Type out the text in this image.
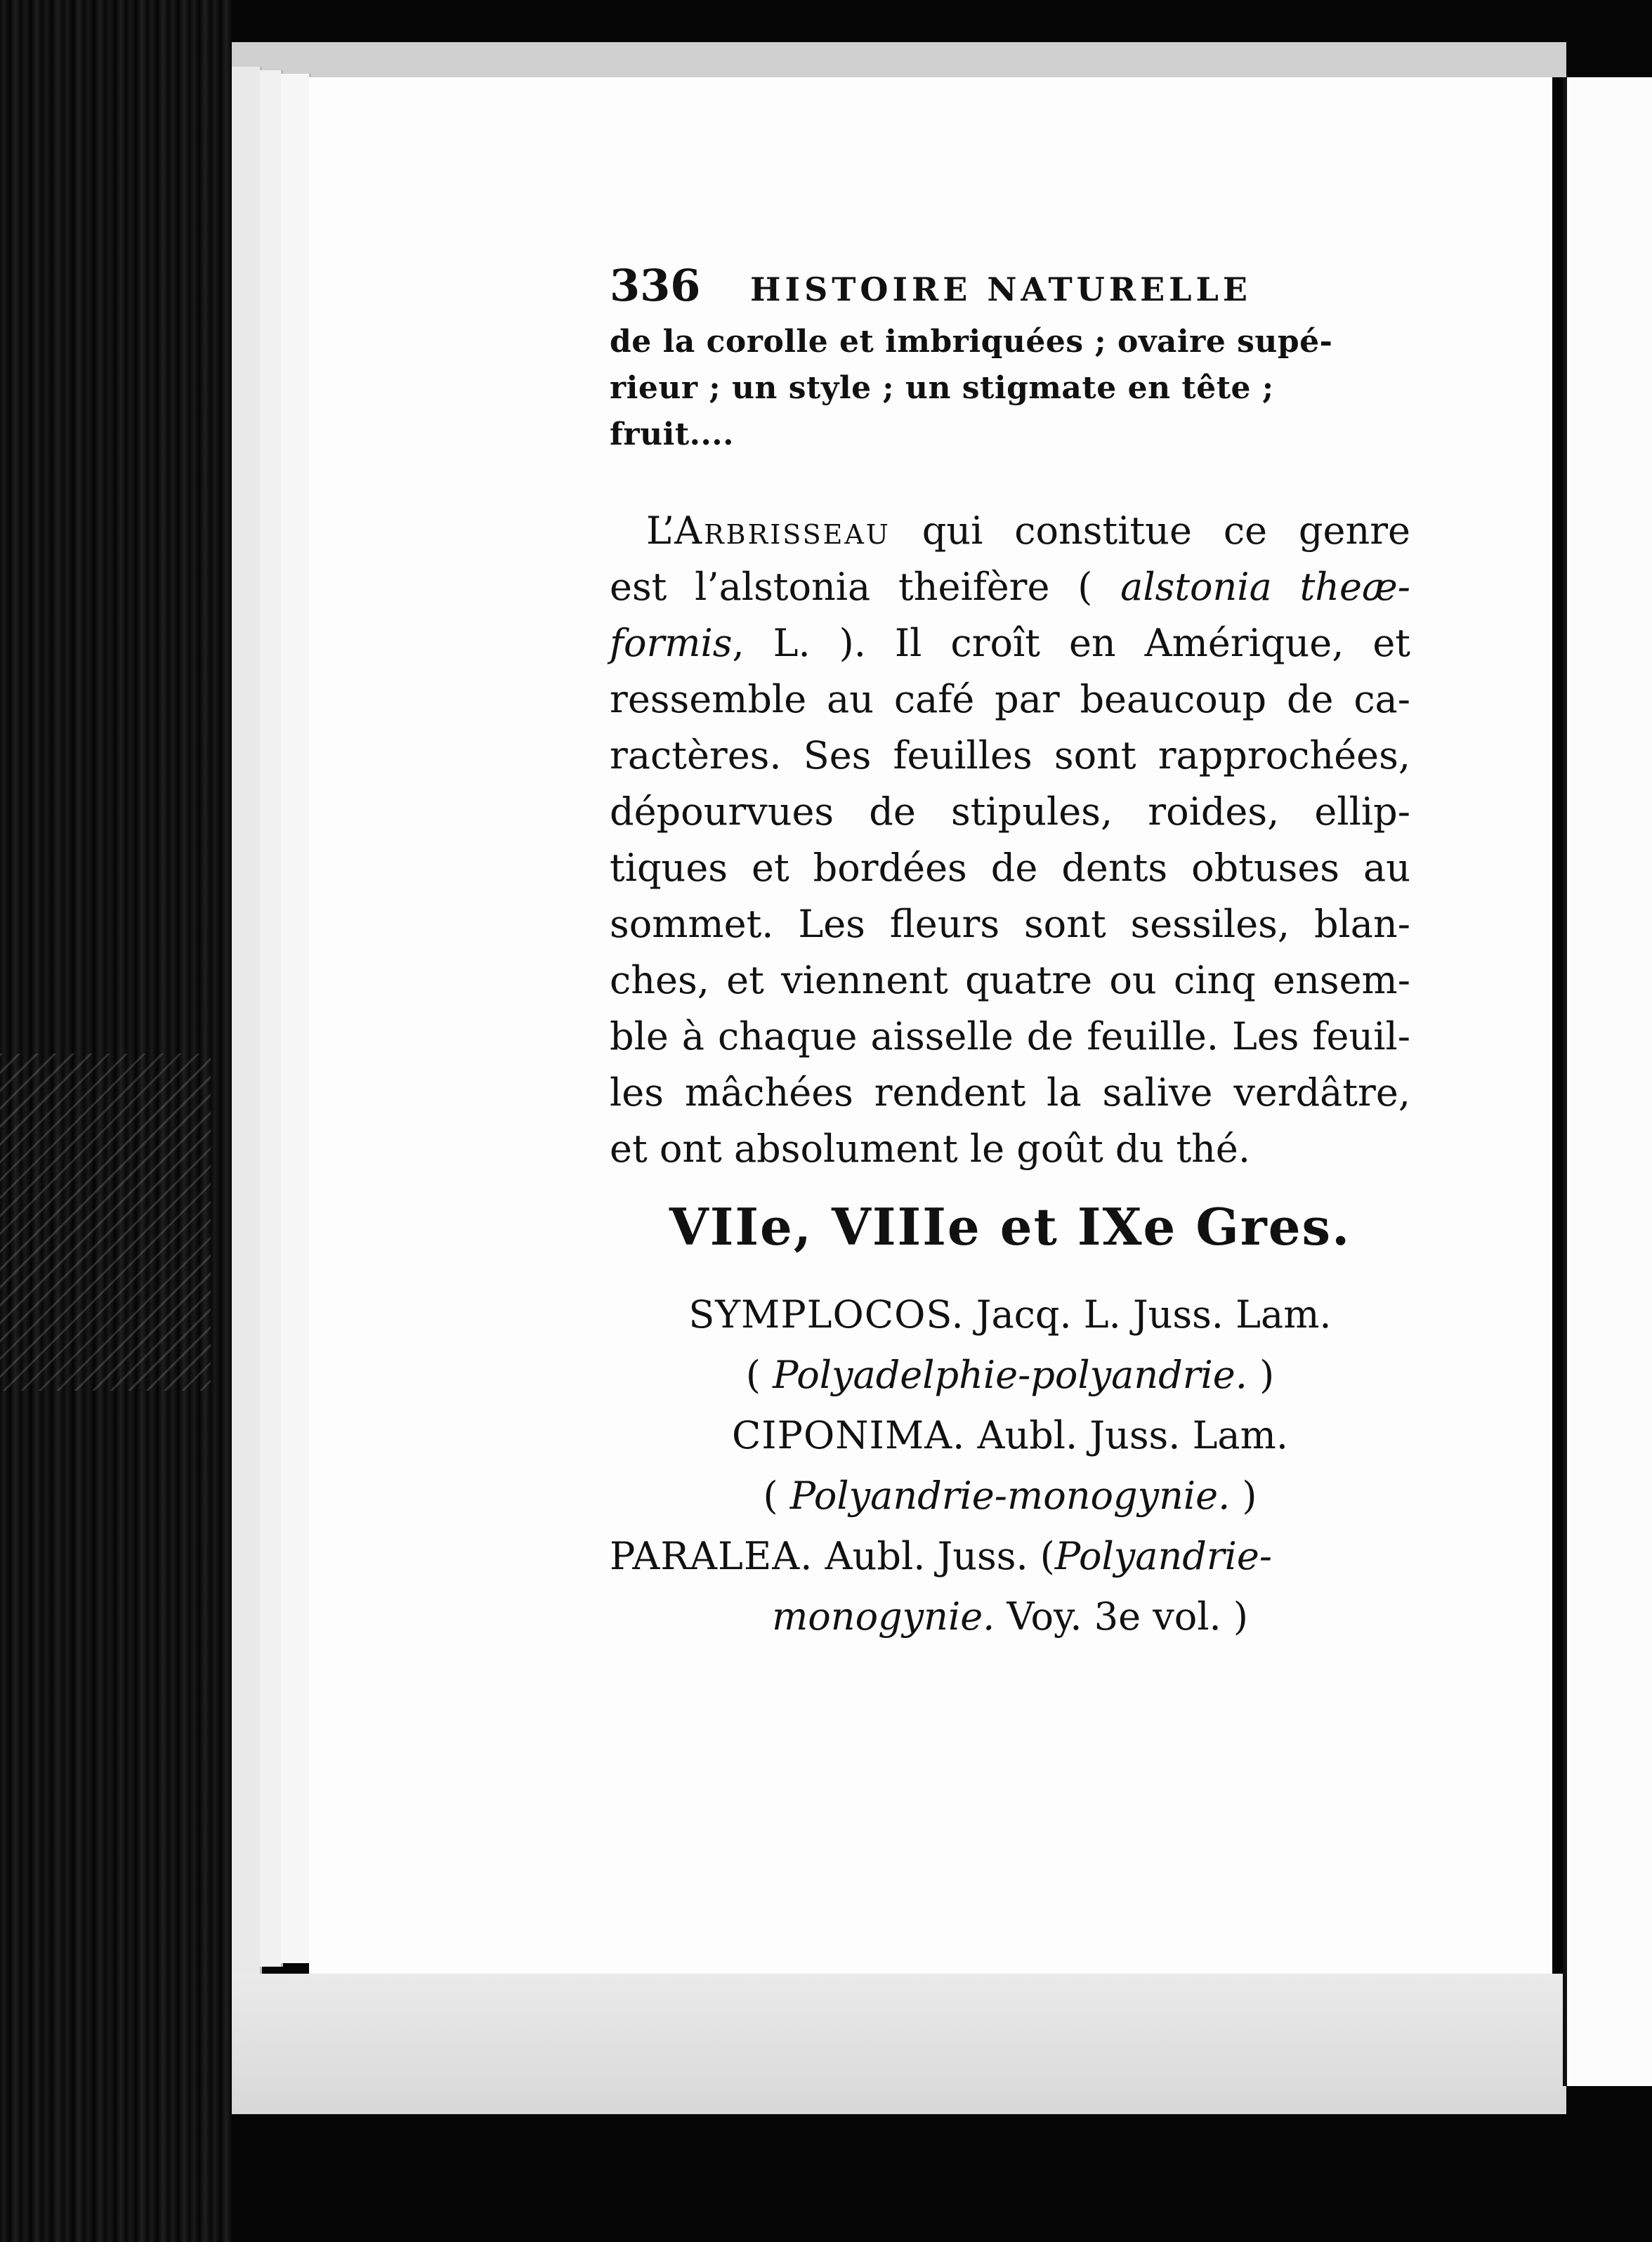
336	HISTOIRE NATURELLE

de la corolle et imbriquées ; ovaire supé-

rieur ; un style ; un stigmate en tête ;

fruit....

L’Arbrisseau qui constitue ce genre

est l’alstonia theifère ( alstonia theæ-

formis, L. ). Il croît en Amérique, et

ressemble au café par beaucoup de ca-

ractères. Ses feuilles sont rapprochées,

dépourvues de stipules, roides, ellip-

tiques et bordées de dents obtuses au

sommet. Les fleurs sont sessiles, blan-

ches, et viennent quatre ou cinq ensem-

ble à chaque aisselle de feuille. Les feuil-

les mâchées rendent la salive verdâtre,

et ont absolument le goût du thé.

VIIe, VIIIe et IXe Gres.

SYMPLOCOS. Jacq. L. Juss. Lam.

( Polyadelphie-polyandrie. )

CIPONIMA. Aubl. Juss. Lam.

( Polyandrie-monogynie. )

PARALEA. Aubl. Juss. (Polyandrie-

monogynie. Voy. 3e vol. )
